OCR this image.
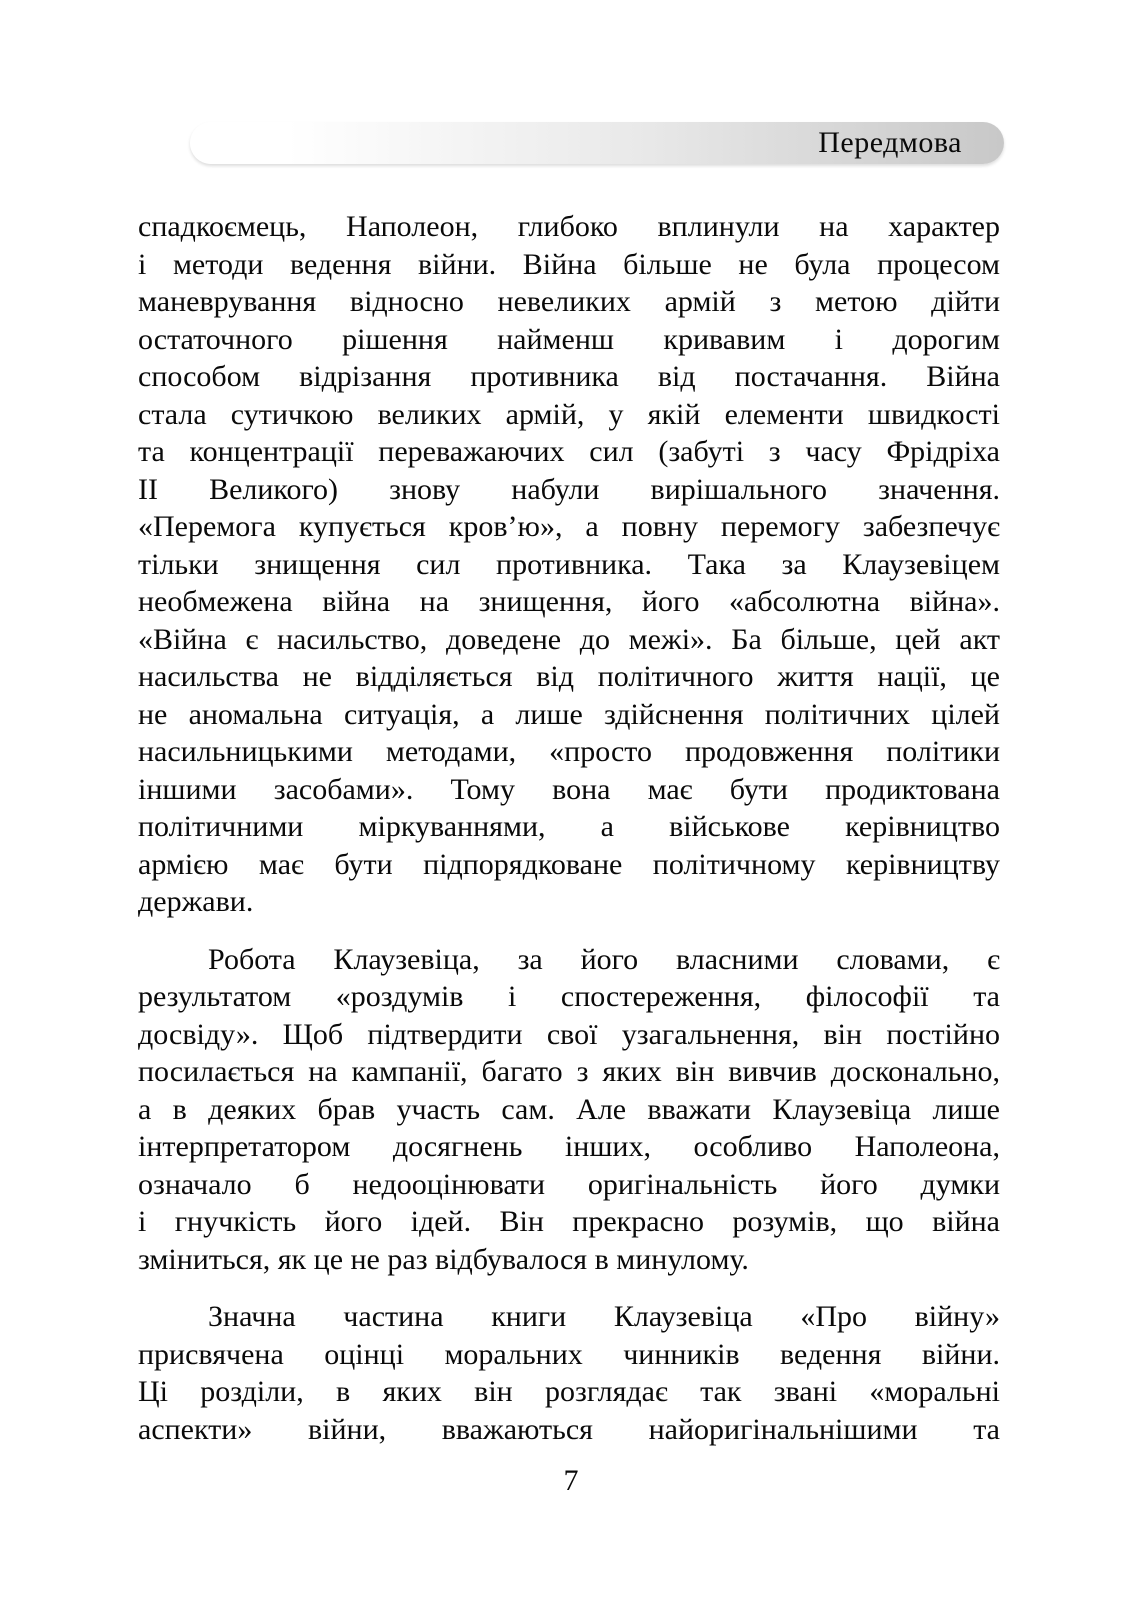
Передмова
спадкоємець, Наполеон, глибоко вплинули на характер
і методи ведення війни. Війна більше не була процесом
маневрування відносно невеликих армій з метою дійти
остаточного рішення найменш кривавим і дорогим
способом відрізання противника від постачання. Війна
стала сутичкою великих армій, у якій елементи швидкості
та концентрації переважаючих сил (забуті з часу Фрідріха
ІІ Великого) знову набули вирішального значення.
«Перемога купується кров’ю», а повну перемогу забезпечує
тільки знищення сил противника. Така за Клаузевіцем
необмежена війна на знищення, його «абсолютна війна».
«Війна є насильство, доведене до межі». Ба більше, цей акт
насильства не відділяється від політичного життя нації, це
не аномальна ситуація, а лише здійснення політичних цілей
насильницькими методами, «просто продовження політики
іншими засобами». Тому вона має бути продиктована
політичними міркуваннями, а військове керівництво
армією має бути підпорядковане політичному керівництву
держави.
Робота Клаузевіца, за його власними словами, є
результатом «роздумів і спостереження, філософії та
досвіду». Щоб підтвердити свої узагальнення, він постійно
посилається на кампанії, багато з яких він вивчив досконально,
а в деяких брав участь сам. Але вважати Клаузевіца лише
інтерпретатором досягнень інших, особливо Наполеона,
означало б недооцінювати оригінальність його думки
і гнучкість його ідей. Він прекрасно розумів, що війна
зміниться, як це не раз відбувалося в минулому.
Значна частина книги Клаузевіца «Про війну»
присвячена оцінці моральних чинників ведення війни.
Ці розділи, в яких він розглядає так звані «моральні
аспекти» війни, вважаються найоригінальнішими та
7
